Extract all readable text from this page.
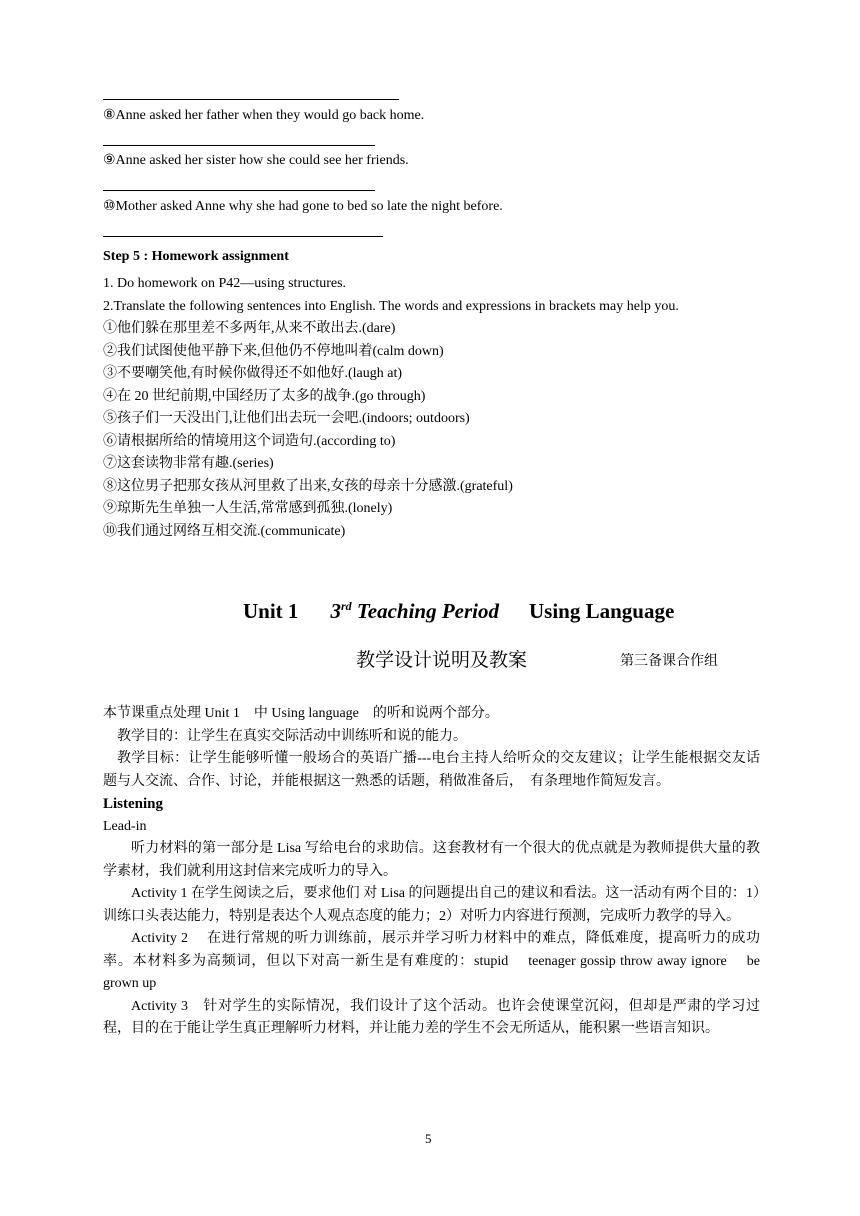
⑧Anne asked her father when they would go back home.
⑨Anne asked her sister how she could see her friends.
⑩Mother asked Anne why she had gone to bed so late the night before.
Step 5 : Homework assignment
1. Do homework on P42—using structures.
2.Translate the following sentences into English. The words and expressions in brackets may help you.
①他们躲在那里差不多两年,从来不敢出去.(dare)
②我们试图使他平静下来,但他仍不停地叫着(calm down)
③不要嘲笑他,有时候你做得还不如他好.(laugh at)
④在 20 世纪前期,中国经历了太多的战争.(go through)
⑤孩子们一天没出门,让他们出去玩一会吧.(indoors; outdoors)
⑥请根据所给的情境用这个词造句.(according to)
⑦这套读物非常有趣.(series)
⑧这位男子把那女孩从河里救了出来,女孩的母亲十分感激.(grateful)
⑨琼斯先生单独一人生活,常常感到孤独.(lonely)
⑩我们通过网络互相交流.(communicate)
Unit 1 3rd Teaching Period Using Language
教学设计说明及教案	第三备课合作组

本节课重点处理 Unit 1　中 Using language　的听和说两个部分。

教学目的：让学生在真实交际活动中训练听和说的能力。

教学目标：让学生能够听懂一般场合的英语广播---电台主持人给听众的交友建议；让学生能根据交友话题与人交流、合作、讨论，并能根据这一熟悉的话题，稍做准备后，　有条理地作简短发言。

Listening

Lead-in

听力材料的第一部分是 Lisa 写给电台的求助信。这套教材有一个很大的优点就是为教师提供大量的教学素材，我们就利用这封信来完成听力的导入。

Activity 1 在学生阅读之后，要求他们 对 Lisa 的问题提出自己的建议和看法。这一活动有两个目的：1）训练口头表达能力，特别是表达个人观点态度的能力；2）对听力内容进行预测，完成听力教学的导入。

Activity 2　 在进行常规的听力训练前，展示并学习听力材料中的难点，降低难度，提高听力的成功率。本材料多为高频词，但以下对高一新生是有难度的：stupid　 teenager gossip throw away ignore　 be grown up

Activity 3　针对学生的实际情况，我们设计了这个活动。也许会使课堂沉闷，但却是严肃的学习过程，目的在于能让学生真正理解听力材料，并让能力差的学生不会无所适从，能积累一些语言知识。

5
